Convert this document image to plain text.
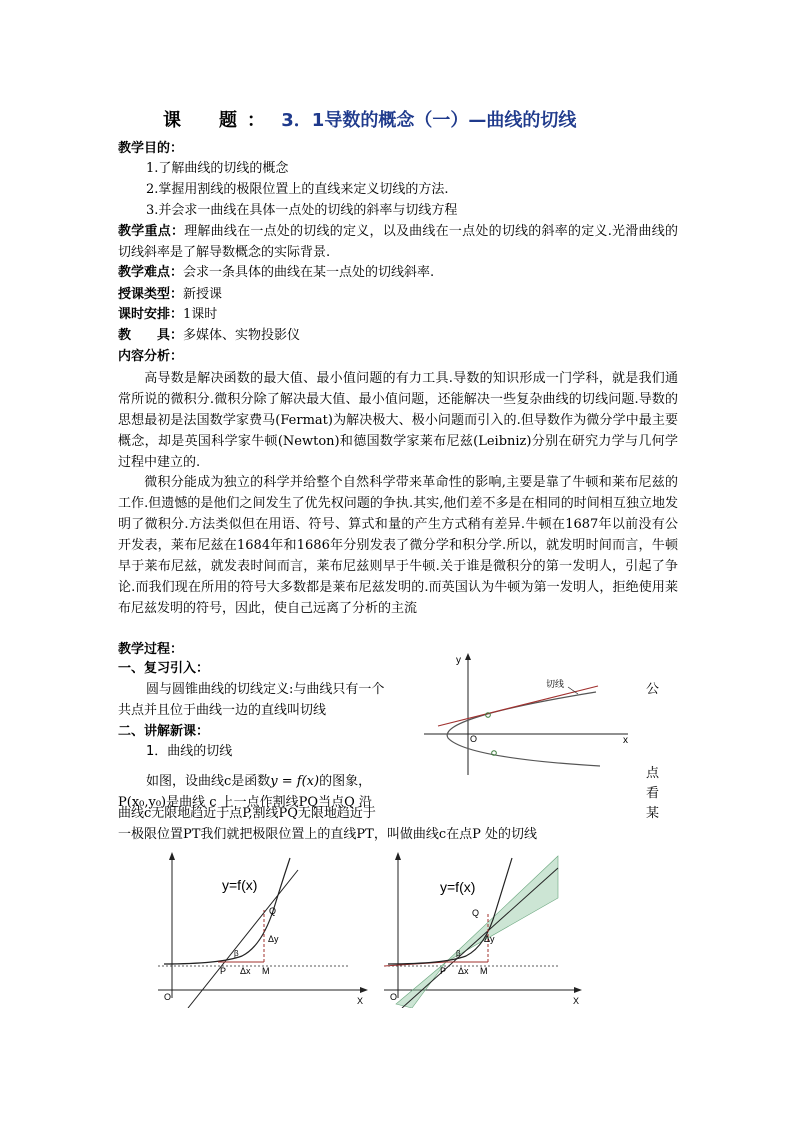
课　题： 3．1导数的概念（一）—曲线的切线
教学目的：
1.了解曲线的切线的概念
2.掌握用割线的极限位置上的直线来定义切线的方法.
3.并会求一曲线在具体一点处的切线的斜率与切线方程
教学重点：理解曲线在一点处的切线的定义，以及曲线在一点处的切线的斜率的定义.光滑曲线的切线斜率是了解导数概念的实际背景.
教学难点：会求一条具体的曲线在某一点处的切线斜率.
授课类型：新授课
课时安排：1课时
教　　具：多媒体、实物投影仪
内容分析：
高导数是解决函数的最大值、最小值问题的有力工具.导数的知识形成一门学科，就是我们通常所说的微积分.微积分除了解决最大值、最小值问题，还能解决一些复杂曲线的切线问题.导数的思想最初是法国数学家费马(Fermat)为解决极大、极小问题而引入的.但导数作为微分学中最主要概念，却是英国科学家牛顿(Newton)和德国数学家莱布尼兹(Leibniz)分别在研究力学与几何学过程中建立的.
微积分能成为独立的科学并给整个自然科学带来革命性的影响,主要是靠了牛顿和莱布尼兹的工作.但遗憾的是他们之间发生了优先权问题的争执.其实,他们差不多是在相同的时间相互独立地发明了微积分.方法类似但在用语、符号、算式和量的产生方式稍有差异.牛顿在1687年以前没有公开发表，莱布尼兹在1684年和1686年分别发表了微分学和积分学.所以，就发明时间而言，牛顿早于莱布尼兹，就发表时间而言，莱布尼兹则早于牛顿.关于谁是微积分的第一发明人，引起了争论.而我们现在所用的符号大多数都是莱布尼兹发明的.而英国认为牛顿为第一发明人，拒绝使用莱布尼兹发明的符号，因此，使自己远离了分析的主流
教学过程：
一、复习引入：
圆与圆锥曲线的切线定义:与曲线只有一个	公
共点并且位于曲线一边的直线叫切线
二、讲解新课：
1．曲线的切线
如图，设曲线c是函数y = f(x)的图象，
点
P(x₀,y₀)是曲线 c 上一点作割线PQ当点Q 沿
看
曲线c无限地趋近于点P,割线PQ无限地趋近于	某
一极限位置PT我们就把极限位置上的直线PT，叫做曲线c在点P 处的切线
y
x
O
切线
y=f(x)
Q
Δy
β
P Δx M
O	X
y=f(x)
Q
Δy
β
P Δx M
O	X
